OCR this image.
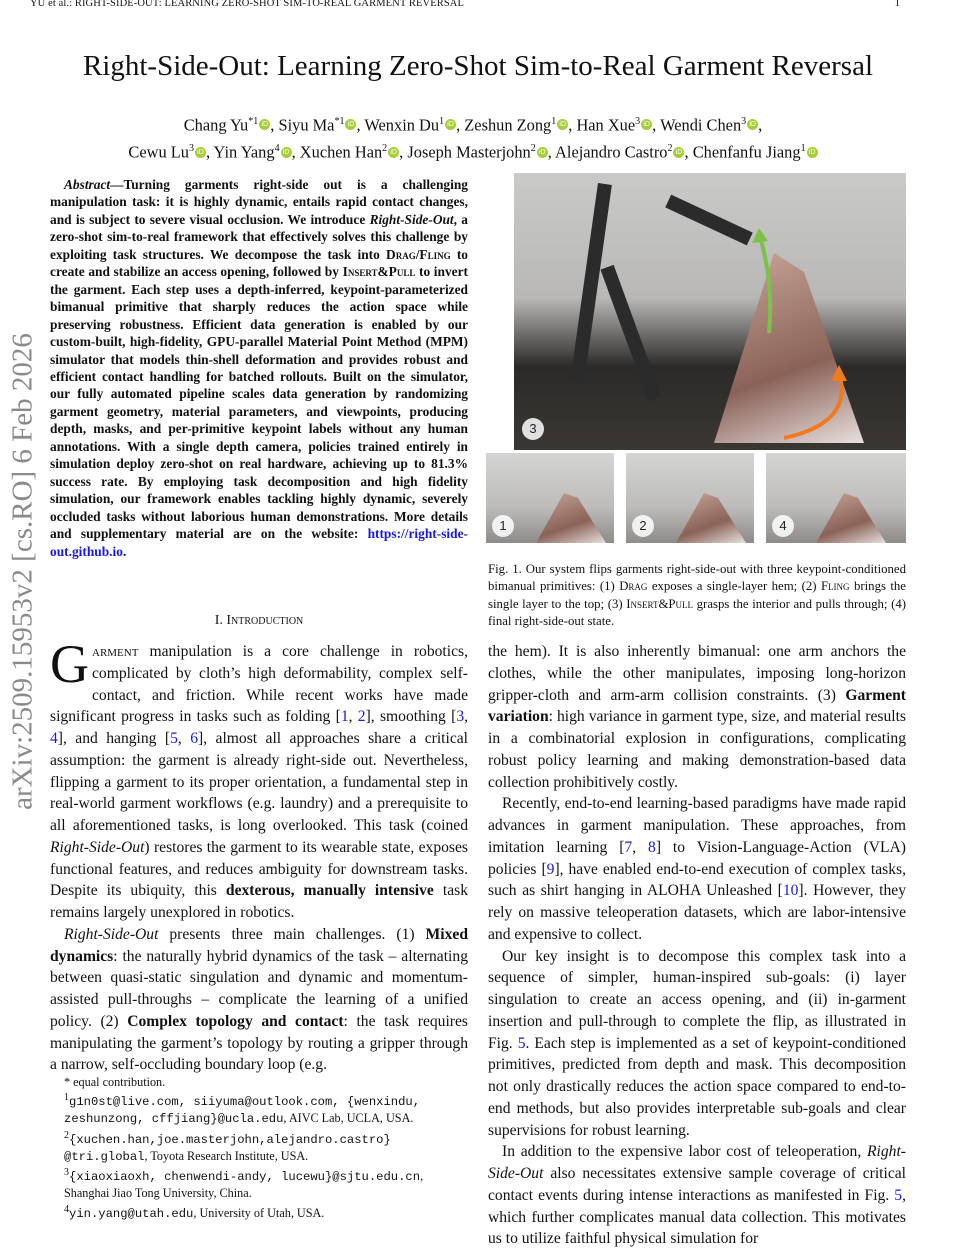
YU et al.: RIGHT-SIDE-OUT: LEARNING ZERO-SHOT SIM-TO-REAL GARMENT REVERSAL	1
arXiv:2509.15953v2 [cs.RO] 6 Feb 2026
Right-Side-Out: Learning Zero-Shot Sim-to-Real Garment Reversal
Chang Yu$^{*1}$ iD , Siyu Ma$^{*1}$ iD , Wenxin Du$^1$ iD , Zeshun Zong$^1$ iD , Han Xue$^3$ iD , Wendi Chen$^3$ iD ,
Cewu Lu$^3$ iD , Yin Yang$^4$ iD , Xuchen Han$^2$ iD , Joseph Masterjohn$^2$ iD , Alejandro Castro$^2$ iD , Chenfanfu Jiang$^1$ iD

Abstract—Turning garments right-side out is a challenging manipulation task: it is highly dynamic, entails rapid contact changes, and is subject to severe visual occlusion. We introduce Right-Side-Out, a zero-shot sim-to-real framework that effectively solves this challenge by exploiting task structures. We decompose the task into Drag/Fling to create and stabilize an access opening, followed by Insert&Pull to invert the garment. Each step uses a depth-inferred, keypoint-parameterized bimanual primitive that sharply reduces the action space while preserving robustness. Efficient data generation is enabled by our custom-built, high-fidelity, GPU-parallel Material Point Method (MPM) simulator that models thin-shell deformation and provides robust and efficient contact handling for batched rollouts. Built on the simulator, our fully automated pipeline scales data generation by randomizing garment geometry, material parameters, and viewpoints, producing depth, masks, and per-primitive keypoint labels without any human annotations. With a single depth camera, policies trained entirely in simulation deploy zero-shot on real hardware, achieving up to 81.3% success rate. By employing task decomposition and high fidelity simulation, our framework enables tackling highly dynamic, severely occluded tasks without laborious human demonstrations. More details and supplementary material are on the website: https://right-side-out.github.io.

I. Introduction

Garment manipulation is a core challenge in robotics, complicated by cloth’s high deformability, complex self-contact, and friction. While recent works have made significant progress in tasks such as folding [1, 2], smoothing [3, 4], and hanging [5, 6], almost all approaches share a critical assumption: the garment is already right-side out. Nevertheless, flipping a garment to its proper orientation, a fundamental step in real-world garment workflows (e.g. laundry) and a prerequisite to all aforementioned tasks, is long overlooked. This task (coined Right-Side-Out) restores the garment to its wearable state, exposes functional features, and reduces ambiguity for downstream tasks. Despite its ubiquity, this dexterous, manually intensive task remains largely unexplored in robotics.

Right-Side-Out presents three main challenges. (1) Mixed dynamics: the naturally hybrid dynamics of the task – alternating between quasi-static singulation and dynamic and momentum-assisted pull-throughs – complicate the learning of a unified policy. (2) Complex topology and contact: the task requires manipulating the garment’s topology by routing a gripper through a narrow, self-occluding boundary loop (e.g.

the hem). It is also inherently bimanual: one arm anchors the clothes, while the other manipulates, imposing long-horizon gripper-cloth and arm-arm collision constraints. (3) Garment variation: high variance in garment type, size, and material results in a combinatorial explosion in configurations, complicating robust policy learning and making demonstration-based data collection prohibitively costly.

Recently, end-to-end learning-based paradigms have made rapid advances in garment manipulation. These approaches, from imitation learning [7, 8] to Vision-Language-Action (VLA) policies [9], have enabled end-to-end execution of complex tasks, such as shirt hanging in ALOHA Unleashed [10]. However, they rely on massive teleoperation datasets, which are labor-intensive and expensive to collect.

Our key insight is to decompose this complex task into a sequence of simpler, human-inspired sub-goals: (i) layer singulation to create an access opening, and (ii) in-garment insertion and pull-through to complete the flip, as illustrated in Fig. 5. Each step is implemented as a set of keypoint-conditioned primitives, predicted from depth and mask. This decomposition not only drastically reduces the action space compared to end-to-end methods, but also provides interpretable sub-goals and clear supervisions for robust learning.

In addition to the expensive labor cost of teleoperation, Right-Side-Out also necessitates extensive sample coverage of critical contact events during intense interactions as manifested in Fig. 5, which further complicates manual data collection. This motivates us to utilize faithful physical simulation for

3
1	2	4
Fig. 1. Our system flips garments right-side-out with three keypoint-conditioned bimanual primitives: (1) Drag exposes a single-layer hem; (2) Fling brings the single layer to the top; (3) Insert&Pull grasps the interior and pulls through; (4) final right-side-out state.
* equal contribution.
$^1$g1n0st@live.com, siiyuma@outlook.com, {wenxindu, zeshunzong, cffjiang}@ucla.edu, AIVC Lab, UCLA, USA.
$^2${xuchen.han,joe.masterjohn,alejandro.castro} @tri.global, Toyota Research Institute, USA.
$^3${xiaoxiaoxh, chenwendi-andy, lucewu}@sjtu.edu.cn, Shanghai Jiao Tong University, China.
$^4$yin.yang@utah.edu, University of Utah, USA.
